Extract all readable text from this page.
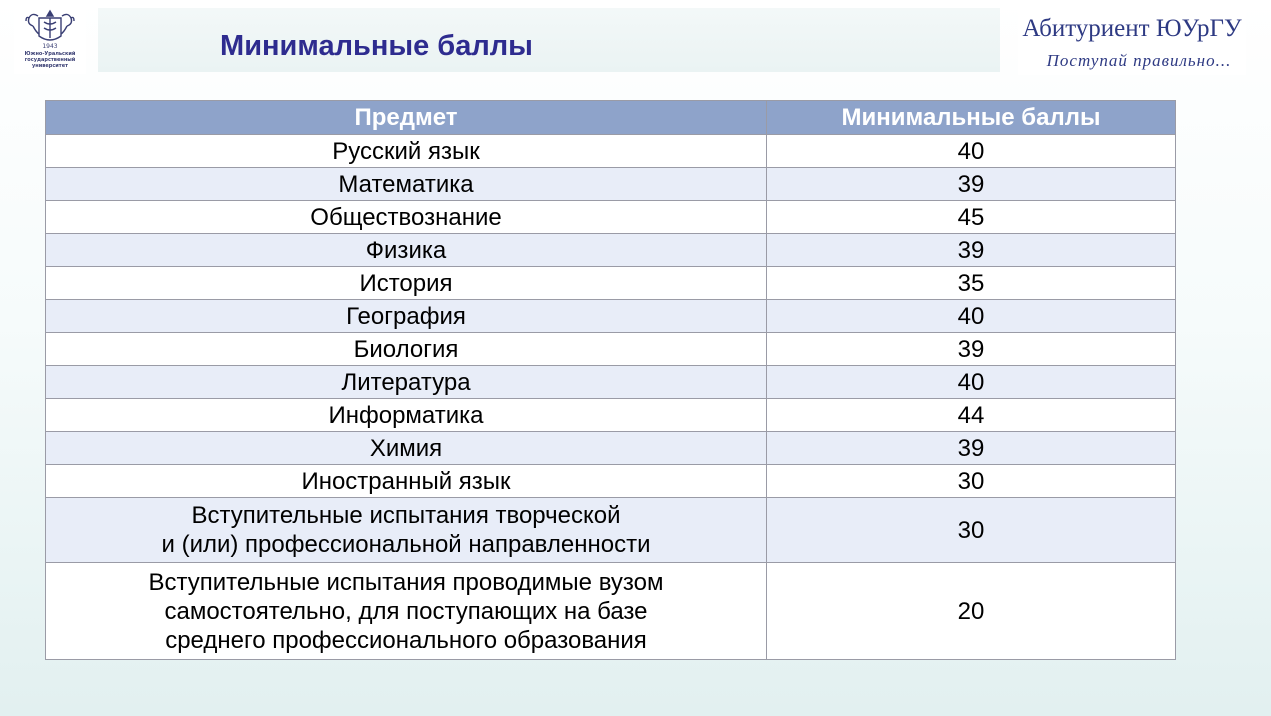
1943
Южно-Уральский
государственный
университет
Минимальные баллы
Абитуриент ЮУрГУ
Поступай правильно...
Предмет	Минимальные баллы
Русский язык	40
Математика	39
Обществознание	45
Физика	39
История	35
География	40
Биология	39
Литература	40
Информатика	44
Химия	39
Иностранный язык	30
Вступительные испытания творческой
и (или) профессиональной направленности	30
Вступительные испытания проводимые вузом
самостоятельно, для поступающих на базе
среднего профессионального образования	20
